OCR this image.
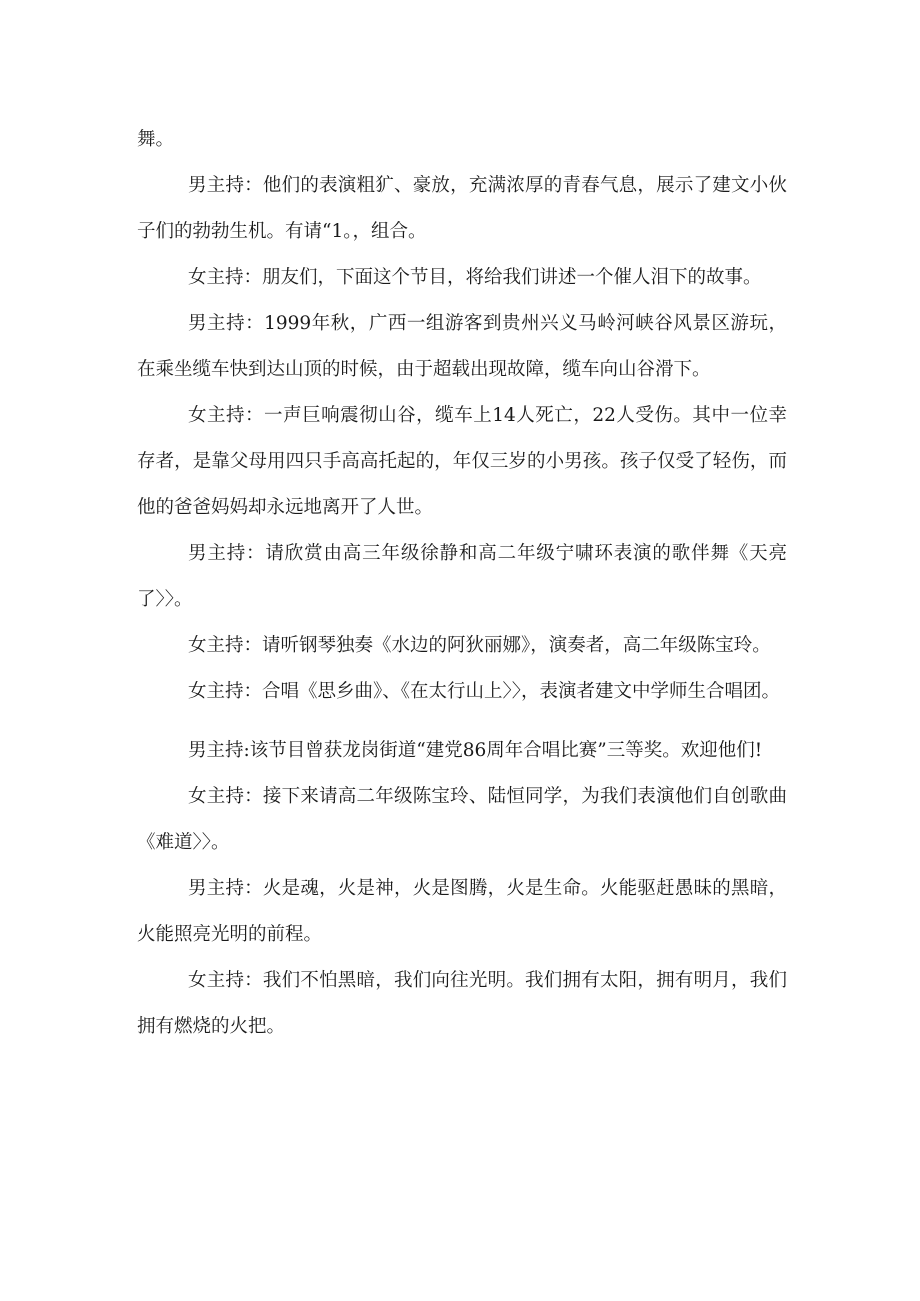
舞。

男主持：他们的表演粗犷、豪放，充满浓厚的青春气息，展示了建文小伙子们的勃勃生机。有请“1。，组合。

女主持：朋友们，下面这个节目，将给我们讲述一个催人泪下的故事。

男主持：1999年秋，广西一组游客到贵州兴义马岭河峡谷风景区游玩，在乘坐缆车快到达山顶的时候，由于超载出现故障，缆车向山谷滑下。

女主持：一声巨响震彻山谷，缆车上14人死亡，22人受伤。其中一位幸存者，是靠父母用四只手高高托起的，年仅三岁的小男孩。孩子仅受了轻伤，而他的爸爸妈妈却永远地离开了人世。

男主持：请欣赏由高三年级徐静和高二年级宁啸环表演的歌伴舞《天亮了〉〉。

女主持：请听钢琴独奏《水边的阿狄丽娜》，演奏者，高二年级陈宝玲。

女主持：合唱《思乡曲》、《在太行山上〉〉，表演者建文中学师生合唱团。

男主持:该节目曾获龙岗街道“建党86周年合唱比赛”三等奖。欢迎他们!

女主持：接下来请高二年级陈宝玲、陆恒同学，为我们表演他们自创歌曲《难道〉〉。

男主持：火是魂，火是神，火是图腾，火是生命。火能驱赶愚昧的黑暗，火能照亮光明的前程。

女主持：我们不怕黑暗，我们向往光明。我们拥有太阳，拥有明月，我们拥有燃烧的火把。
